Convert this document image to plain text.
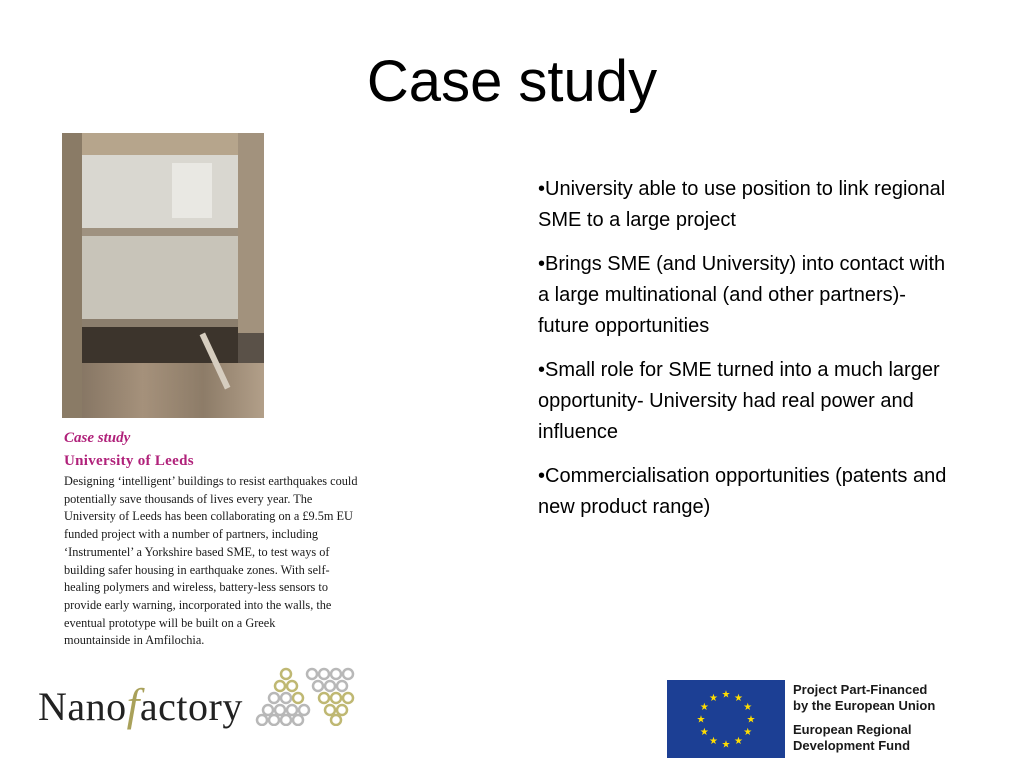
Case study
Case study
University of Leeds
Designing ‘intelligent’ buildings to resist earthquakes could
potentially save thousands of lives every year. The
University of Leeds has been collaborating on a £9.5m EU
funded project with a number of partners, including
‘Instrumentel’ a Yorkshire based SME, to test ways of
building safer housing in earthquake zones. With self-
healing polymers and wireless, battery-less sensors to
provide early warning, incorporated into the walls, the
eventual prototype will be built on a Greek
mountainside in Amfilochia.

•University able to use position to link regional SME to a large project

•Brings SME (and University) into contact with a large multinational (and other partners)- future opportunities

•Small role for SME turned into a much larger opportunity- University had real power and influence

•Commercialisation opportunities (patents and new product range)

Nanofactory	★ ★
★
★
★
★
★
★
★
★
★
★
Project Part-Financed
by the European Union
European Regional
Development Fund
